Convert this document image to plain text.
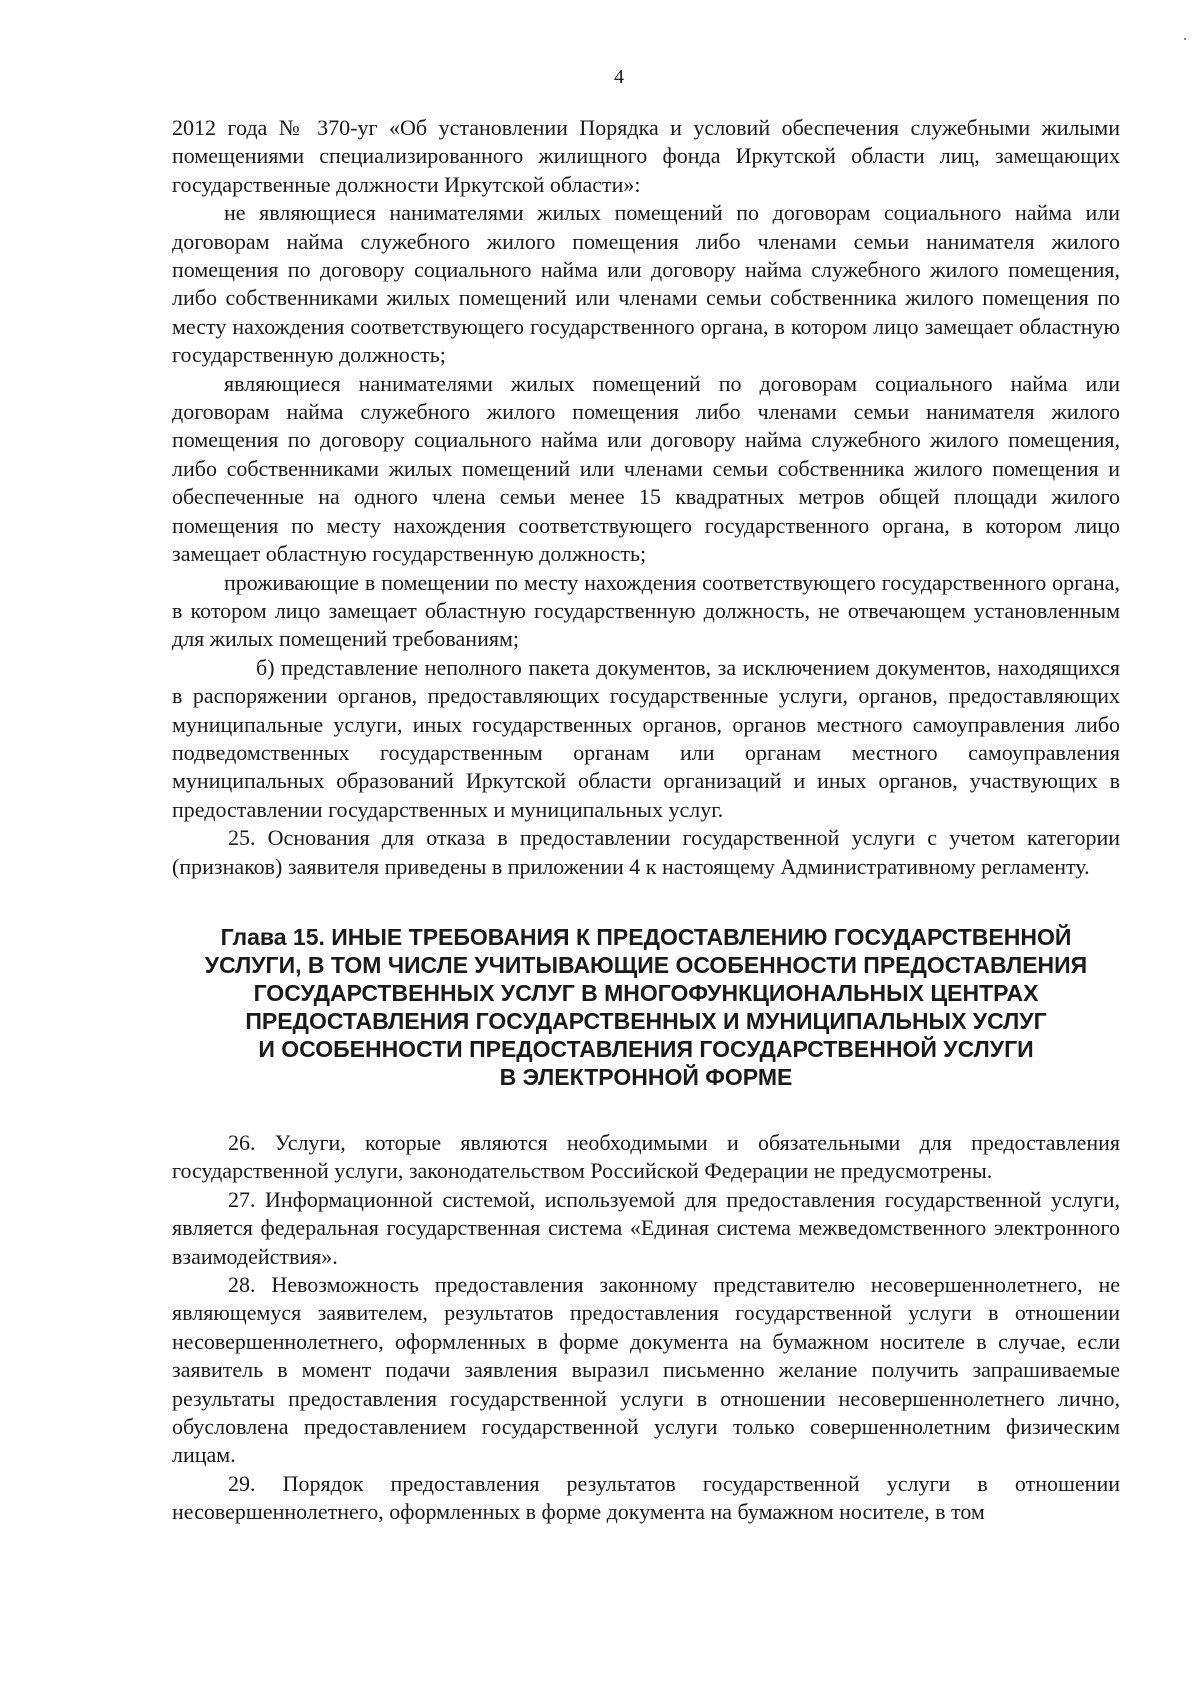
4

2012 года № 370-уг «Об установлении Порядка и условий обеспечения служебными жилыми помещениями специализированного жилищного фонда Иркутской области лиц, замещающих государственные должности Иркутской области»:

не являющиеся нанимателями жилых помещений по договорам социального найма или договорам найма служебного жилого помещения либо членами семьи нанимателя жилого помещения по договору социального найма или договору найма служебного жилого помещения, либо собственниками жилых помещений или членами семьи собственника жилого помещения по месту нахождения соответствующего государственного органа, в котором лицо замещает областную государственную должность;

являющиеся нанимателями жилых помещений по договорам социального найма или договорам найма служебного жилого помещения либо членами семьи нанимателя жилого помещения по договору социального найма или договору найма служебного жилого помещения, либо собственниками жилых помещений или членами семьи собственника жилого помещения и обеспеченные на одного члена семьи менее 15 квадратных метров общей площади жилого помещения по месту нахождения соответствующего государственного органа, в котором лицо замещает областную государственную должность;

проживающие в помещении по месту нахождения соответствующего государственного органа, в котором лицо замещает областную государственную должность, не отвечающем установленным для жилых помещений требованиям;

б) представление неполного пакета документов, за исключением документов, находящихся в распоряжении органов, предоставляющих государственные услуги, органов, предоставляющих муниципальные услуги, иных государственных органов, органов местного самоуправления либо подведомственных государственным органам или органам местного самоуправления муниципальных образований Иркутской области организаций и иных органов, участвующих в предоставлении государственных и муниципальных услуг.

25. Основания для отказа в предоставлении государственной услуги с учетом категории (признаков) заявителя приведены в приложении 4 к настоящему Административному регламенту.

Глава 15. ИНЫЕ ТРЕБОВАНИЯ К ПРЕДОСТАВЛЕНИЮ ГОСУДАРСТВЕННОЙ
УСЛУГИ, В ТОМ ЧИСЛЕ УЧИТЫВАЮЩИЕ ОСОБЕННОСТИ ПРЕДОСТАВЛЕНИЯ
ГОСУДАРСТВЕННЫХ УСЛУГ В МНОГОФУНКЦИОНАЛЬНЫХ ЦЕНТРАХ
ПРЕДОСТАВЛЕНИЯ ГОСУДАРСТВЕННЫХ И МУНИЦИПАЛЬНЫХ УСЛУГ
И ОСОБЕННОСТИ ПРЕДОСТАВЛЕНИЯ ГОСУДАРСТВЕННОЙ УСЛУГИ
В ЭЛЕКТРОННОЙ ФОРМЕ

26. Услуги, которые являются необходимыми и обязательными для предоставления государственной услуги, законодательством Российской Федерации не предусмотрены.

27. Информационной системой, используемой для предоставления государственной услуги, является федеральная государственная система «Единая система межведомственного электронного взаимодействия».

28. Невозможность предоставления законному представителю несовершеннолетнего, не являющемуся заявителем, результатов предоставления государственной услуги в отношении несовершеннолетнего, оформленных в форме документа на бумажном носителе в случае, если заявитель в момент подачи заявления выразил письменно желание получить запрашиваемые результаты предоставления государственной услуги в отношении несовершеннолетнего лично, обусловлена предоставлением государственной услуги только совершеннолетним физическим лицам.

29. Порядок предоставления результатов государственной услуги в отношении несовершеннолетнего, оформленных в форме документа на бумажном носителе, в том
